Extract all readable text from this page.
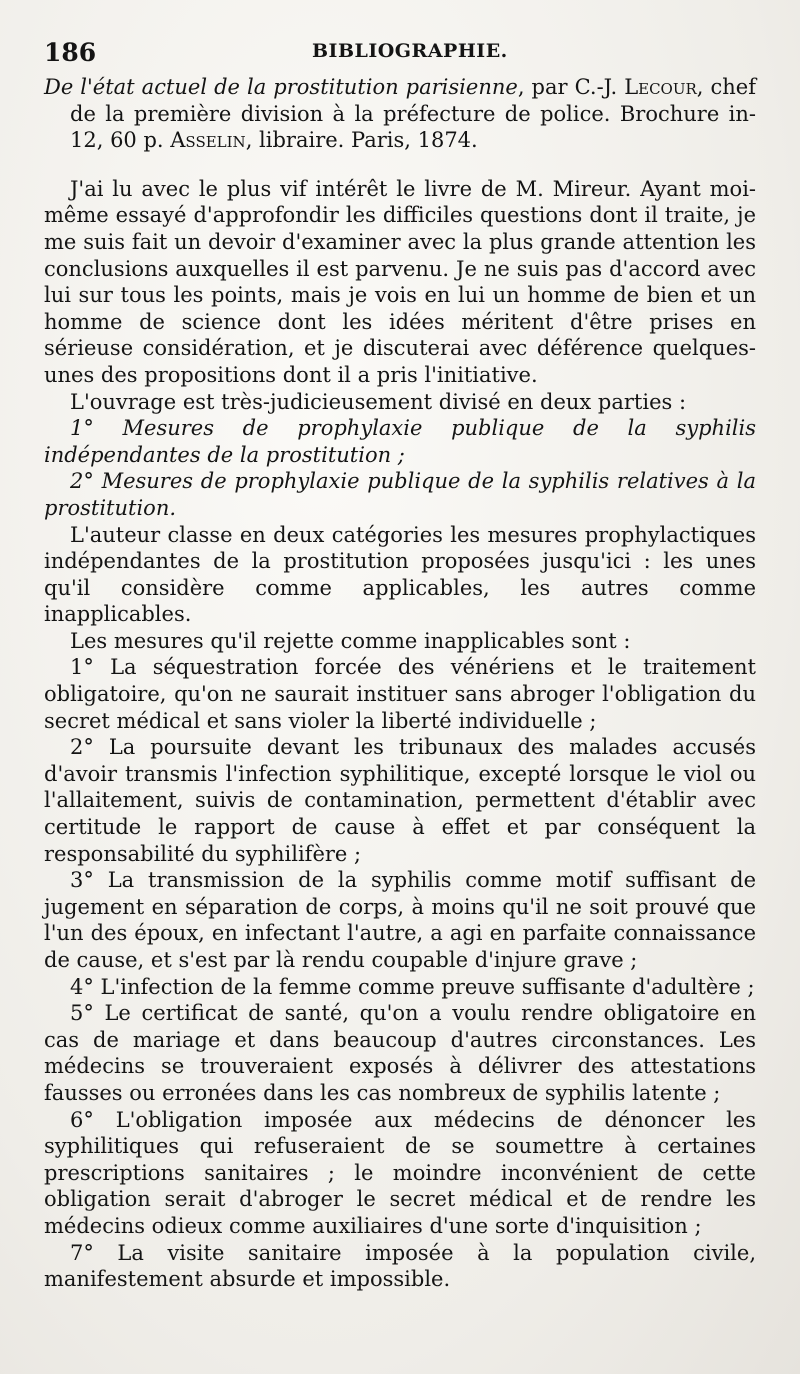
186	BIBLIOGRAPHIE.

De l'état actuel de la prostitution parisienne, par C.-J. Lecour, chef de la première division à la préfecture de police. Brochure in-12, 60 p. Asselin, libraire. Paris, 1874.

J'ai lu avec le plus vif intérêt le livre de M. Mireur. Ayant moi-même essayé d'approfondir les difficiles questions dont il traite, je me suis fait un devoir d'examiner avec la plus grande attention les conclusions auxquelles il est parvenu. Je ne suis pas d'accord avec lui sur tous les points, mais je vois en lui un homme de bien et un homme de science dont les idées méritent d'être prises en sérieuse considération, et je discuterai avec déférence quelques-unes des propositions dont il a pris l'initiative.

L'ouvrage est très-judicieusement divisé en deux parties :

1° Mesures de prophylaxie publique de la syphilis indépendantes de la prostitution ;

2° Mesures de prophylaxie publique de la syphilis relatives à la prostitution.

L'auteur classe en deux catégories les mesures prophylactiques indépendantes de la prostitution proposées jusqu'ici : les unes qu'il considère comme applicables, les autres comme inapplicables.

Les mesures qu'il rejette comme inapplicables sont :

1° La séquestration forcée des vénériens et le traitement obligatoire, qu'on ne saurait instituer sans abroger l'obligation du secret médical et sans violer la liberté individuelle ;

2° La poursuite devant les tribunaux des malades accusés d'avoir transmis l'infection syphilitique, excepté lorsque le viol ou l'allaitement, suivis de contamination, permettent d'établir avec certitude le rapport de cause à effet et par conséquent la responsabilité du syphilifère ;

3° La transmission de la syphilis comme motif suffisant de jugement en séparation de corps, à moins qu'il ne soit prouvé que l'un des époux, en infectant l'autre, a agi en parfaite connaissance de cause, et s'est par là rendu coupable d'injure grave ;

4° L'infection de la femme comme preuve suffisante d'adultère ;

5° Le certificat de santé, qu'on a voulu rendre obligatoire en cas de mariage et dans beaucoup d'autres circonstances. Les médecins se trouveraient exposés à délivrer des attestations fausses ou erronées dans les cas nombreux de syphilis latente ;

6° L'obligation imposée aux médecins de dénoncer les syphilitiques qui refuseraient de se soumettre à certaines prescriptions sanitaires ; le moindre inconvénient de cette obligation serait d'abroger le secret médical et de rendre les médecins odieux comme auxiliaires d'une sorte d'inquisition ;

7° La visite sanitaire imposée à la population civile, manifestement absurde et impossible.
